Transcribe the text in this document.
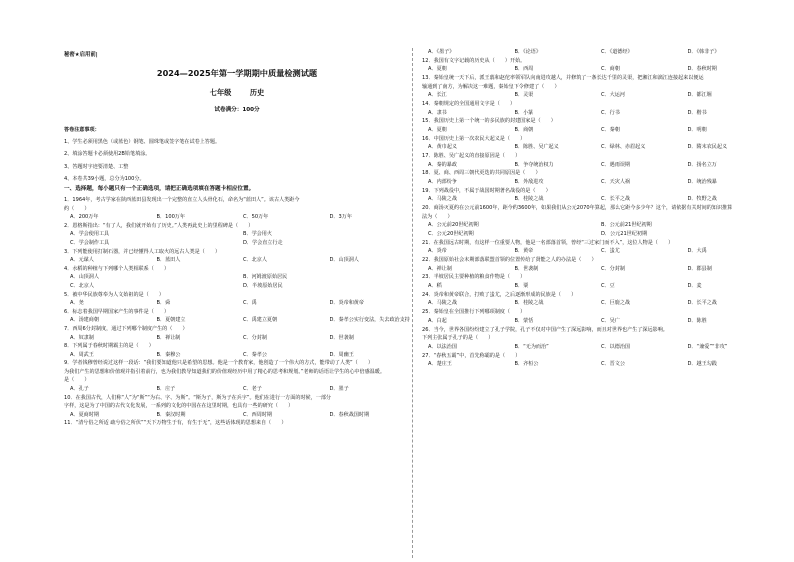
秘密★启用前|
2024—2025年第一学期期中质量检测试题
七年级	历史
试卷满分：100分
答卷注意事项：
1、学生必须用黑色（或蓝色）钢笔、圆珠笔或签字笔在试卷上答题。
2、填涂答题卡必须使用2B铅笔填涂。
3、答题时字迹要清楚、工整
4、本卷共39小题，总分为100分。
一、选择题，每小题只有一个正确选项，请把正确选项填在答题卡相应位置。
1．1964年，考古学家在陕西蓝田县发现出一个完整的直立人头骨化石，命名为“蓝田人”。该古人类距今
约（　　）
A．200万年	B．100万年	C．50万年	D．3万年
2．恩格斯指出：“有了人，我们就开始有了历史。”人类再此史上的里程碑是（　　）
A．学会使用工具	B．学会用火
C．学会制作工具	D．学会直立行走
3．下列能使用打制石器，并已经懂得人工取火的远古人类是（　　）
A．元谋人	B．蓝田人	C．北京人	D．山顶洞人
4．水稻的种植与下列哪个人类相联系（　　）
A．山顶洞人	B．河姆渡原始居民
C．北京人	D．半坡原始居民
5．被中华民族尊奉为人文始祖的是（　　）
A．尧	B．舜	C．禹	D．炎帝和黄帝
6．标志着我国早期国家产生的事件是（　　）
A．汤建商朝	B．夏朝建立	C．禹建立夏朝	D．秦孝公实行变法，失去政治支持
7．西周6分封制度，通过下列哪个制度产生的（　　）
A．奴隶制	B．禅让制	C．分封制	D．世袭制
8．下列属于春秋时期霸主的是（　　）
A．周武王	B．秦穆公	C．秦孝公	D．周幽王
9．学者钱穆曾经说过这样一段话：“我们要知道他只是希望的思想。他是一个教育家，他创造了一个伟大的方式，能带动了人类”（　　）
为我们产生的思想和价值观并指引着前行，也为我们教导知道我们的价值观经历中用了精心的思考和规划。”老师的话语让学生的心中倍感温暖。
是（　　）
A．孔子	B．庄子	C．老子	D．墨子
10．在我国古代，人们称“人”为“斯”“为右、字、为斯”。“斯为子，斯为子在兵字”。他们在进行一方面的时候，一部分
字样，这是为了中国的古代文化发展，一系列的文化的中国在在这里时期，也具有一些的研究（　　）
A．夏商时期	B．秦汉时期	C．西周时期	D．春秋战国时期
11．“清兮俗之所适 疏兮俗之所伏”“天下万物生于有，有生于无”，这些话体现的思想来自（　　）
A．《墨子》	B．《论语》	C．《道德经》	D．《韩非子》
12．我国有文字记载的历史从（　　）开始。
A．夏朝	B．西周	C．商朝	D．春秋时期
13．秦始皇统一天下后，派王翦和赵佗率领军队向南进攻越人，并修筑了一条长达千里的灵渠，把湘江和漓江连接起来以便运
输通到了南方，为解决这一难题，秦始皇下令修建了（　　）
A．长江	B．灵渠	C．大运河	D．都江堰
14．秦朝规定的全国通用文字是（　　）
A．隶书	B．小篆	C．行书	D．楷书
15．我国历史上第一个统一的多民族的封建国家是（　　）
A．夏朝	B．商朝	C．秦朝	D．明朝
16．中国历史上第一次农民大起义是（　　）
A．黄巾起义	B．陈胜、吴广起义	C．绿林、赤眉起义	D．隋末农民起义
17．陈胜、吴广起义的直接原因是（　　）
A．秦的暴政	B．争夺统治权力	C．遇雨误期	D．扬名立万
18．夏、商、西周三朝代更迭的共同原因是（　　）
A．内部纷争	B．外敌进攻	C．天灾人祸	D．统治残暴
19．下列战役中，不属于战国时期著名战役的是（　　）
A．马陵之战	B．桂陵之战	C．长平之战	D．牧野之战
20．商汤灭夏约在公元前1600年，距今约3600年，如果我们从公元2070年算起，那么它距今多少年？这个，请依据有关时间的知识推算
法为（　　）
A．公元前20世纪初期	B．公元前21世纪初期
C．公元20世纪初期	D．公元21世纪初期
21．在我国远古时期，有这样一位重要人物，他是一名部落首领，曾经“三过家门而不入”，这位人物是（　　）
A．炎帝	B．黄帝	C．蚩尤	D．大禹
22．我国原始社会末期部落联盟首领的位置传给了贤能之人的办法是（　　）
A．禅让制	B．世袭制	C．分封制	D．郡县制
23．半坡居民主要种植的粮食作物是（　　）
A．稻	B．粟	C．豆	D．麦
24．炎帝和黄帝联合，打败了蚩尤，之后逐渐形成的民族是（　　）
A．马陵之战	B．桂陵之战	C．巨鹿之战	D．长平之战
25．秦始皇在全国推行下列哪项制度（　　）
A．白起	B．蒙恬	C．吴广	D．陈胜
26．当今，世界各国纷纷建立了孔子学院，孔子不仅对中国产生了深远影响，而且对世界也产生了深远影响。
下列主张属于孔子的是（　　）
A．以法治国	B．“无为而治”	C．以德治国	D．“兼爱”“非攻”
27．“春秋五霸”中，首先称霸的是（　　）
A．楚庄王	B．齐桓公	C．晋文公	D．越王勾践
